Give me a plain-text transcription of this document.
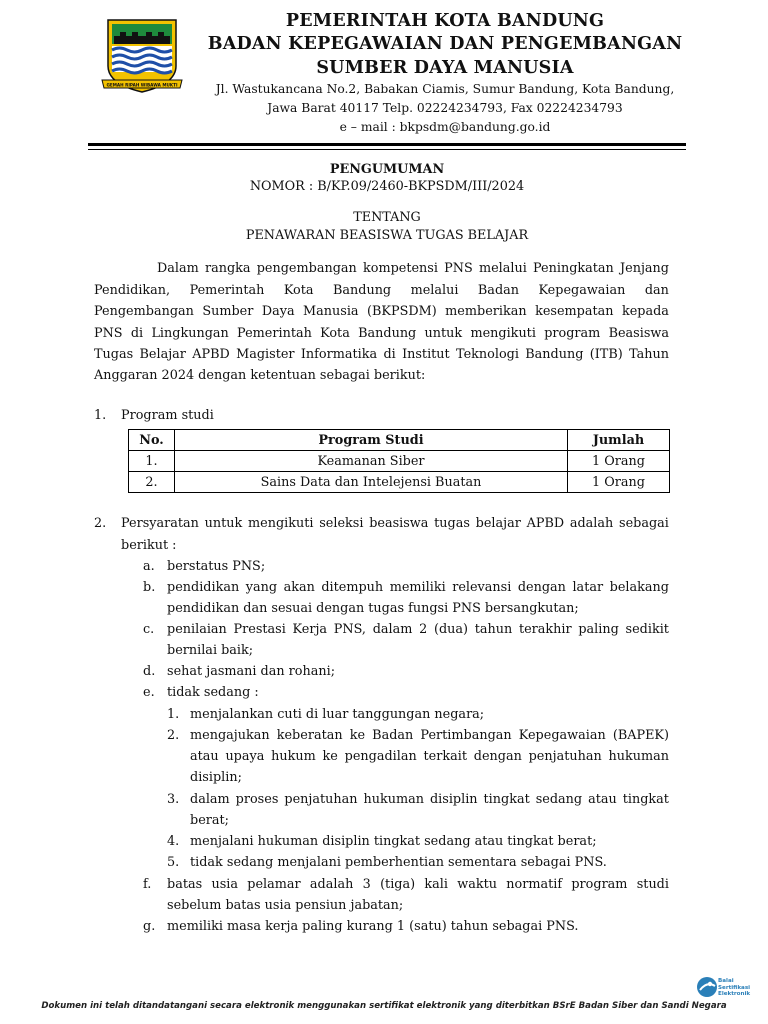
GEMAH RIPAH WIBAWA MUKTI
PEMERINTAH KOTA BANDUNG
BADAN KEPEGAWAIAN DAN PENGEMBANGAN
SUMBER DAYA MANUSIA
Jl. Wastukancana No.2, Babakan Ciamis, Sumur Bandung, Kota Bandung,
Jawa Barat 40117 Telp. 02224234793, Fax 02224234793
e – mail : bkpsdm@bandung.go.id
PENGUMUMAN
NOMOR : B/KP.09/2460-BKPSDM/III/2024
TENTANG
PENAWARAN BEASISWA TUGAS BELAJAR
Dalam rangka pengembangan kompetensi PNS melalui Peningkatan Jenjang
Pendidikan, Pemerintah Kota Bandung melalui Badan Kepegawaian dan
Pengembangan Sumber Daya Manusia (BKPSDM) memberikan kesempatan kepada
PNS di Lingkungan Pemerintah Kota Bandung untuk mengikuti program Beasiswa
Tugas Belajar APBD Magister Informatika di Institut Teknologi Bandung (ITB) Tahun
Anggaran 2024 dengan ketentuan sebagai berikut:
1. Program studi
No.	Program Studi	Jumlah
1.	Keamanan Siber	1 Orang
2.	Sains Data dan Intelejensi Buatan	1 Orang
2. Persyaratan untuk mengikuti seleksi beasiswa tugas belajar APBD adalah sebagai
berikut :
a. berstatus PNS;
b. pendidikan yang akan ditempuh memiliki relevansi dengan latar belakang
pendidikan dan sesuai dengan tugas fungsi PNS bersangkutan;
c. penilaian Prestasi Kerja PNS, dalam 2 (dua) tahun terakhir paling sedikit
bernilai baik;
d. sehat jasmani dan rohani;
e. tidak sedang :
1. menjalankan cuti di luar tanggungan negara;
2. mengajukan keberatan ke Badan Pertimbangan Kepegawaian (BAPEK)
atau upaya hukum ke pengadilan terkait dengan penjatuhan hukuman
disiplin;
3. dalam proses penjatuhan hukuman disiplin tingkat sedang atau tingkat
berat;
4. menjalani hukuman disiplin tingkat sedang atau tingkat berat;
5. tidak sedang menjalani pemberhentian sementara sebagai PNS.
f. batas usia pelamar adalah 3 (tiga) kali waktu normatif program studi
sebelum batas usia pensiun jabatan;
g. memiliki masa kerja paling kurang 1 (satu) tahun sebagai PNS.
Balai
Sertifikasi
Elektronik
Dokumen ini telah ditandatangani secara elektronik menggunakan sertifikat elektronik yang diterbitkan BSrE Badan Siber dan Sandi Negara
